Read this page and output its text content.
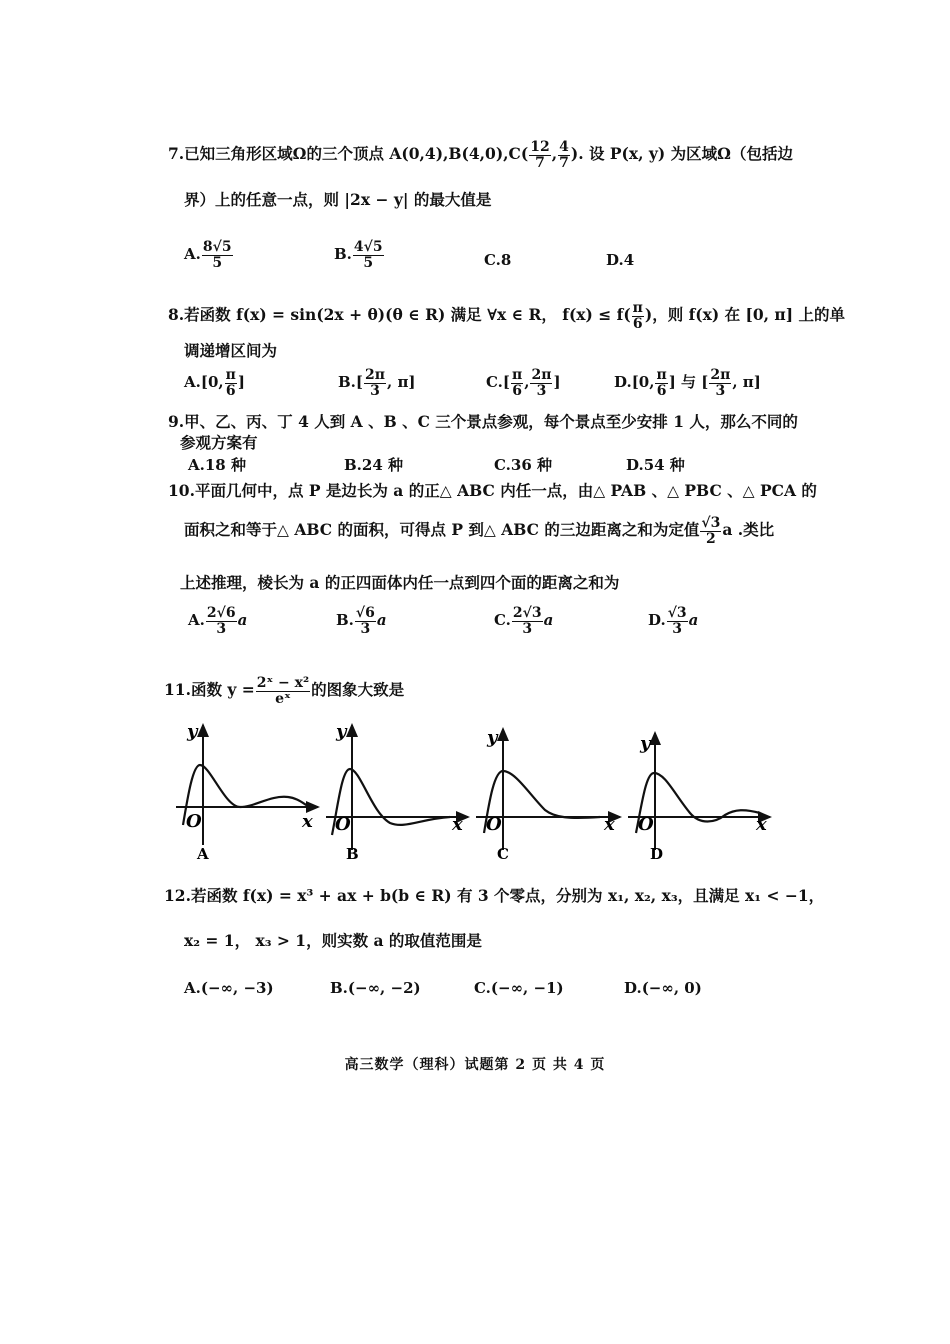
7.已知三角形区域Ω的三个顶点 $A(0,4),B(4,0),C( \frac{12}{7}$ , $\frac{4}{7}$ ). 设 P(x, y) 为区域Ω（包括边
界）上的任意一点，则 |2x − y| 的最大值是
A. $\frac{8√5}{5}$	B. $\frac{4√5}{5}$	C.8	D.4
8.若函数 f(x) = sin(2x + θ)(θ ∈ R) 满足 ∀x ∈ R， $f(x) \le f( \frac{\pi}{6}$ )，则 f(x) 在 [0, π] 上的单
调递增区间为
A.[0, $\frac{\pi}{6}$ ]	$B.[ \frac{2\pi}{3}$ , π]	$C.[ \frac{\pi}{6}$ , $\frac{2\pi}{3}$ ]	D.[0, $\frac{\pi}{6}$ ] 与 [ $\frac{2\pi}{3}$ , π]
9.甲、乙、丙、丁 4 人到 A 、B 、C 三个景点参观，每个景点至少安排 1 人，那么不同的
参观方案有
A.18 种	B.24 种	C.36 种	D.54 种
10.平面几何中，点 P 是边长为 a 的正△ ABC 内任一点，由△ PAB 、△ PBC 、△ PCA 的
面积之和等于△ ABC 的面积，可得点 P 到△ ABC 的三边距离之和为定值 $\frac{√3}{2}$ a .类比
上述推理，棱长为 a 的正四面体内任一点到四个面的距离之和为
A. $\frac{2√6}{3}$ a	B. $\frac{√6}{3}$ a	C. $\frac{2√3}{3}$ a	D. $\frac{√3}{3}$ a
11.函数 $y = \frac{\text{2ˣ − x²}}{\text{eˣ}}$ 的图象大致是
y
O	x
A
y
O	x
B
y
O	x
C
y
O	x
D
12.若函数 f(x) = x³ + ax + b(b ∈ R) 有 3 个零点，分别为 x₁, x₂, x₃，且满足 x₁ < −1，
x₂ = 1， x₃ > 1，则实数 a 的取值范围是
A.(−∞, −3)	B.(−∞, −2)	C.(−∞, −1)	D.(−∞, 0)
高三数学（理科）试题第 2 页 共 4 页
